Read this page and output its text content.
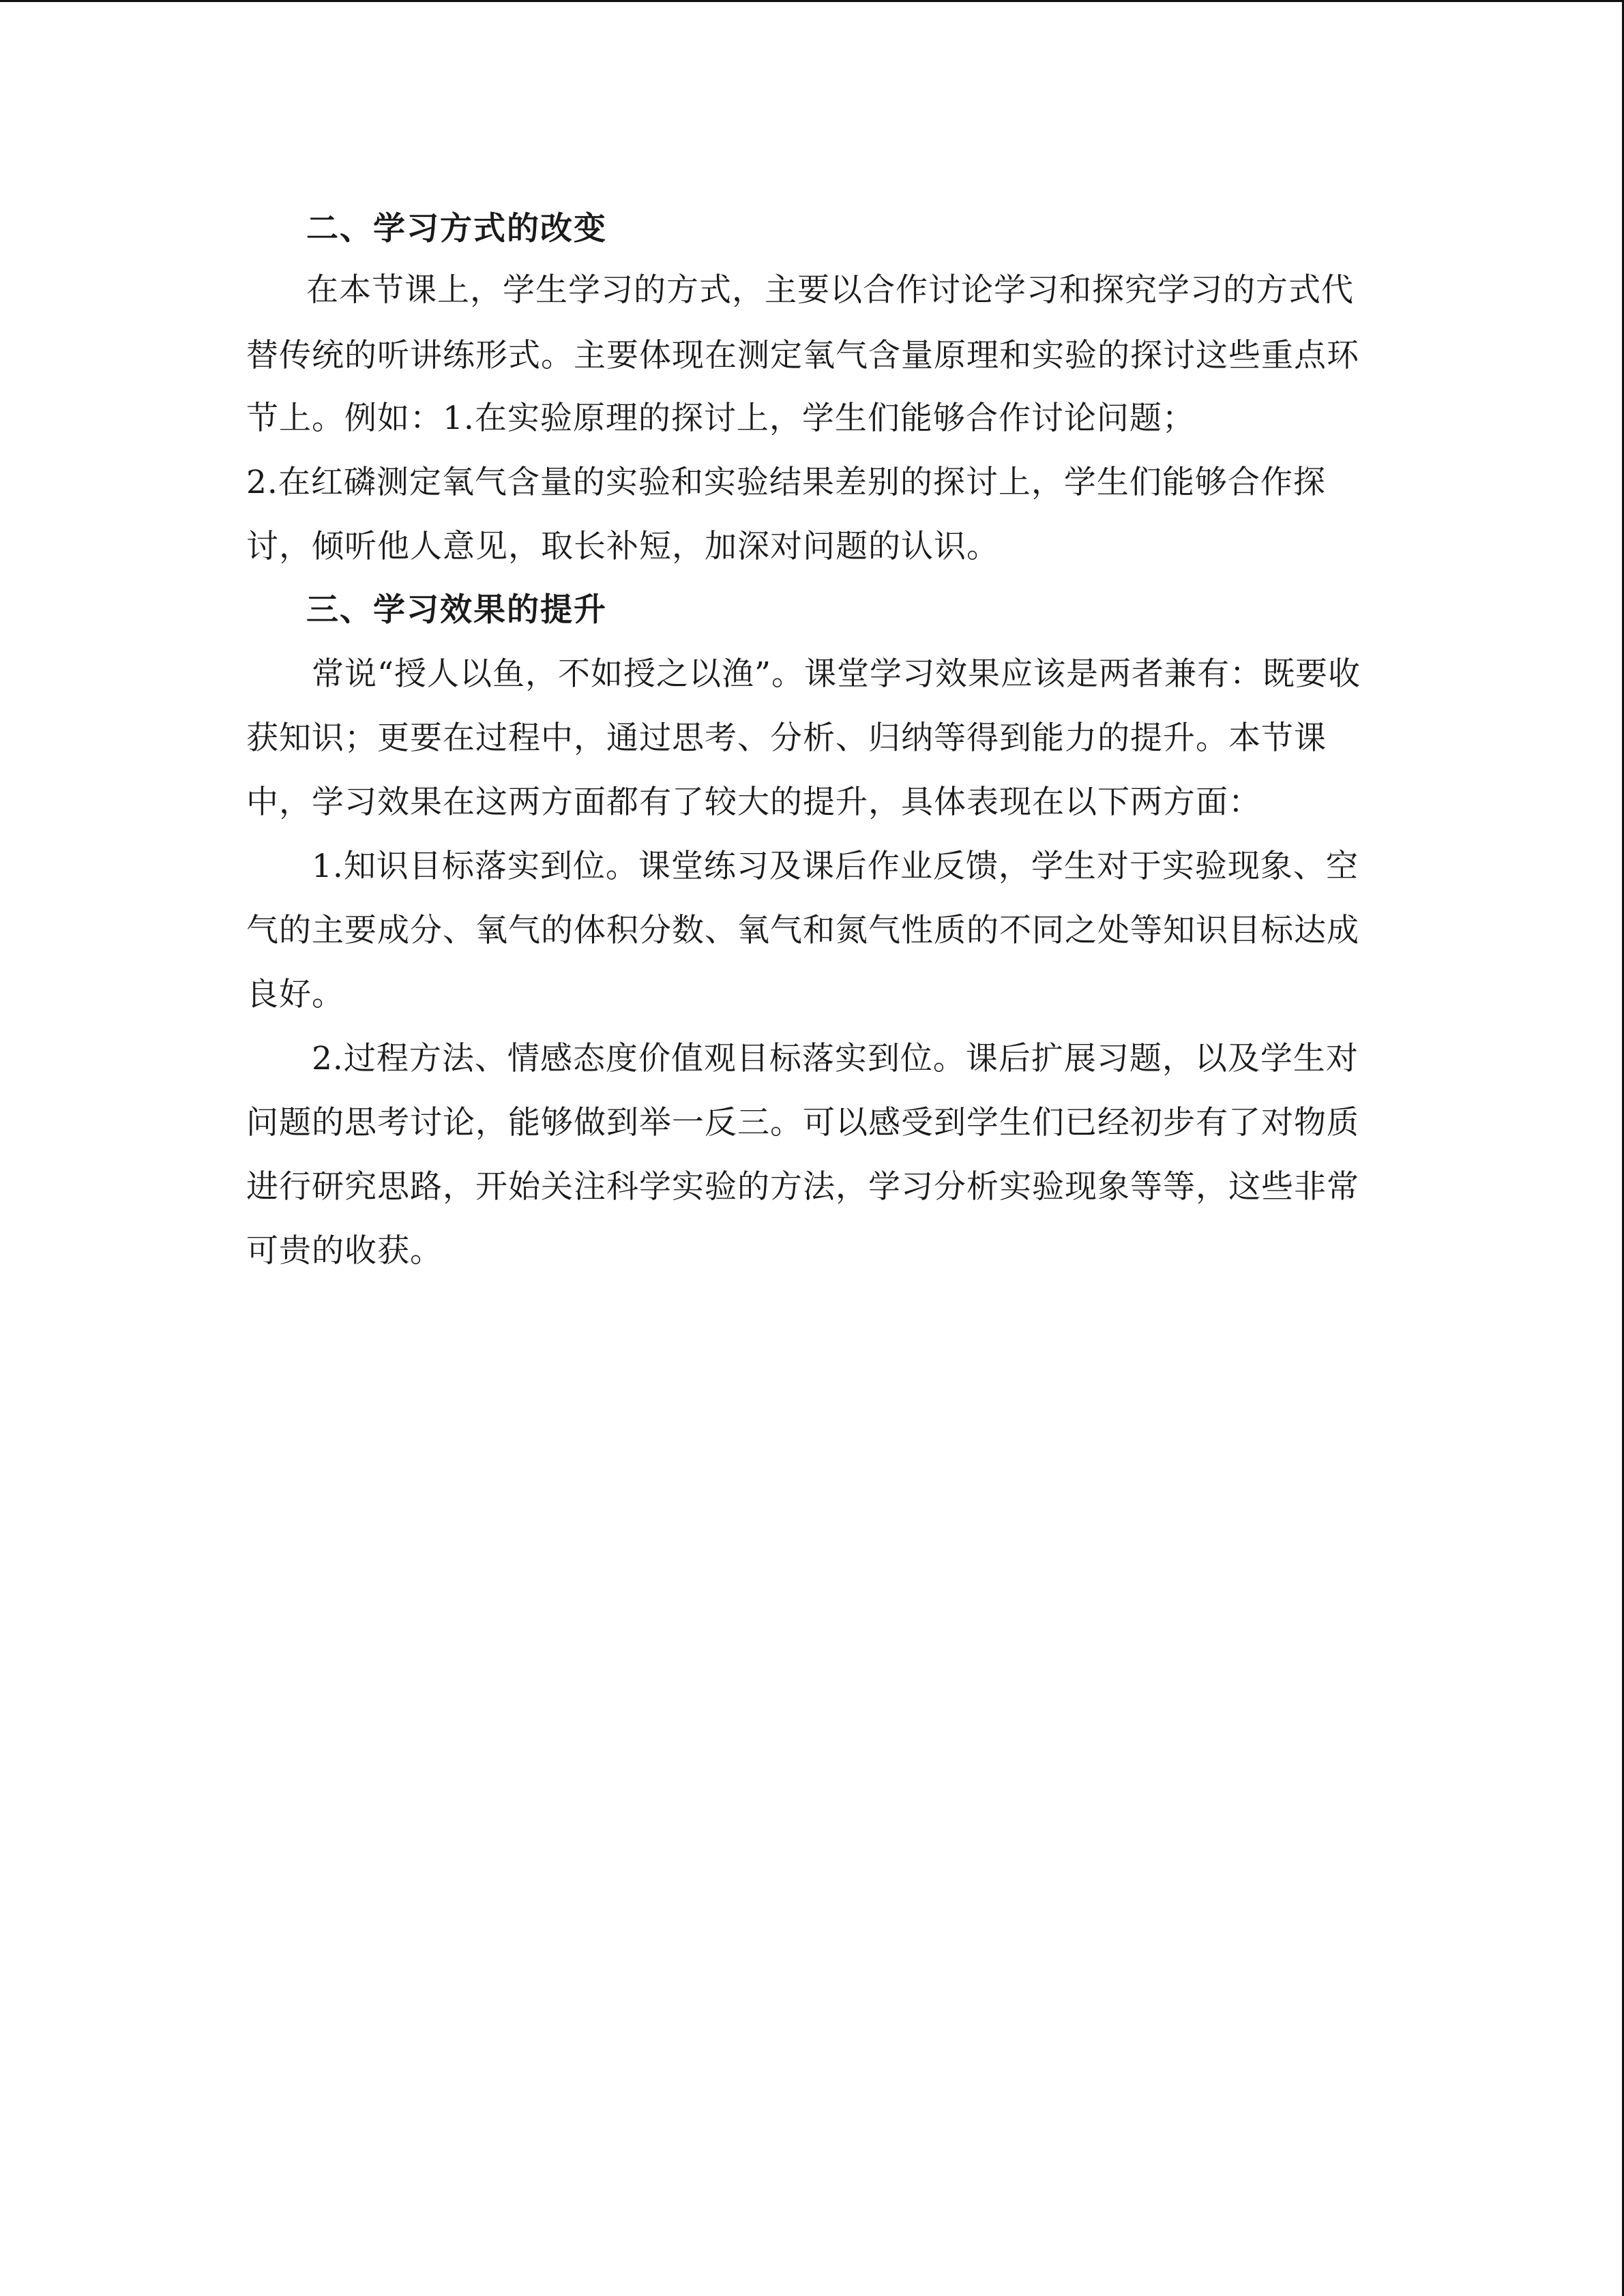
二、学习方式的改变

在本节课上，学生学习的方式，主要以合作讨论学习和探究学习的方式代

替传统的听讲练形式。主要体现在测定氧气含量原理和实验的探讨这些重点环

节上。例如：1.在实验原理的探讨上，学生们能够合作讨论问题；

2.在红磷测定氧气含量的实验和实验结果差别的探讨上，学生们能够合作探

讨，倾听他人意见，取长补短，加深对问题的认识。

三、学习效果的提升

常说“授人以鱼，不如授之以渔”。课堂学习效果应该是两者兼有：既要收

获知识；更要在过程中，通过思考、分析、归纳等得到能力的提升。本节课

中，学习效果在这两方面都有了较大的提升，具体表现在以下两方面：

1.知识目标落实到位。课堂练习及课后作业反馈，学生对于实验现象、空

气的主要成分、氧气的体积分数、氧气和氮气性质的不同之处等知识目标达成

良好。

2.过程方法、情感态度价值观目标落实到位。课后扩展习题，以及学生对

问题的思考讨论，能够做到举一反三。可以感受到学生们已经初步有了对物质

进行研究思路，开始关注科学实验的方法，学习分析实验现象等等，这些非常

可贵的收获。
